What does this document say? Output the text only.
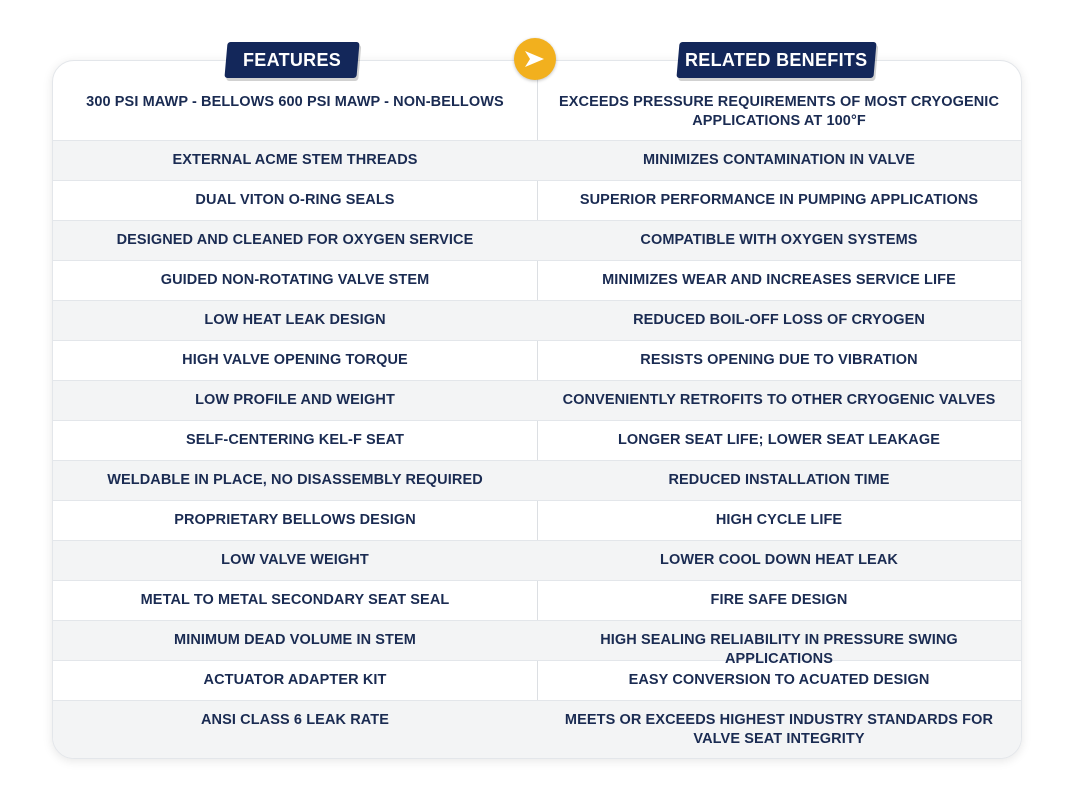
300 PSI MAWP - BELLOWS 600 PSI MAWP - NON-BELLOWS	EXCEEDS PRESSURE REQUIREMENTS OF MOST CRYOGENIC APPLICATIONS AT 100°F
EXTERNAL ACME STEM THREADS	MINIMIZES CONTAMINATION IN VALVE
DUAL VITON O-RING SEALS	SUPERIOR PERFORMANCE IN PUMPING APPLICATIONS
DESIGNED AND CLEANED FOR OXYGEN SERVICE	COMPATIBLE WITH OXYGEN SYSTEMS
GUIDED NON-ROTATING VALVE STEM	MINIMIZES WEAR AND INCREASES SERVICE LIFE
LOW HEAT LEAK DESIGN	REDUCED BOIL-OFF LOSS OF CRYOGEN
HIGH VALVE OPENING TORQUE	RESISTS OPENING DUE TO VIBRATION
LOW PROFILE AND WEIGHT	CONVENIENTLY RETROFITS TO OTHER CRYOGENIC VALVES
SELF-CENTERING KEL-F SEAT	LONGER SEAT LIFE; LOWER SEAT LEAKAGE
WELDABLE IN PLACE, NO DISASSEMBLY REQUIRED	REDUCED INSTALLATION TIME
PROPRIETARY BELLOWS DESIGN	HIGH CYCLE LIFE
LOW VALVE WEIGHT	LOWER COOL DOWN HEAT LEAK
METAL TO METAL SECONDARY SEAT SEAL	FIRE SAFE DESIGN
MINIMUM DEAD VOLUME IN STEM	HIGH SEALING RELIABILITY IN PRESSURE SWING APPLICATIONS
ACTUATOR ADAPTER KIT	EASY CONVERSION TO ACUATED DESIGN
ANSI CLASS 6 LEAK RATE	MEETS OR EXCEEDS HIGHEST INDUSTRY STANDARDS FOR VALVE SEAT INTEGRITY
FEATURES	RELATED BENEFITS
